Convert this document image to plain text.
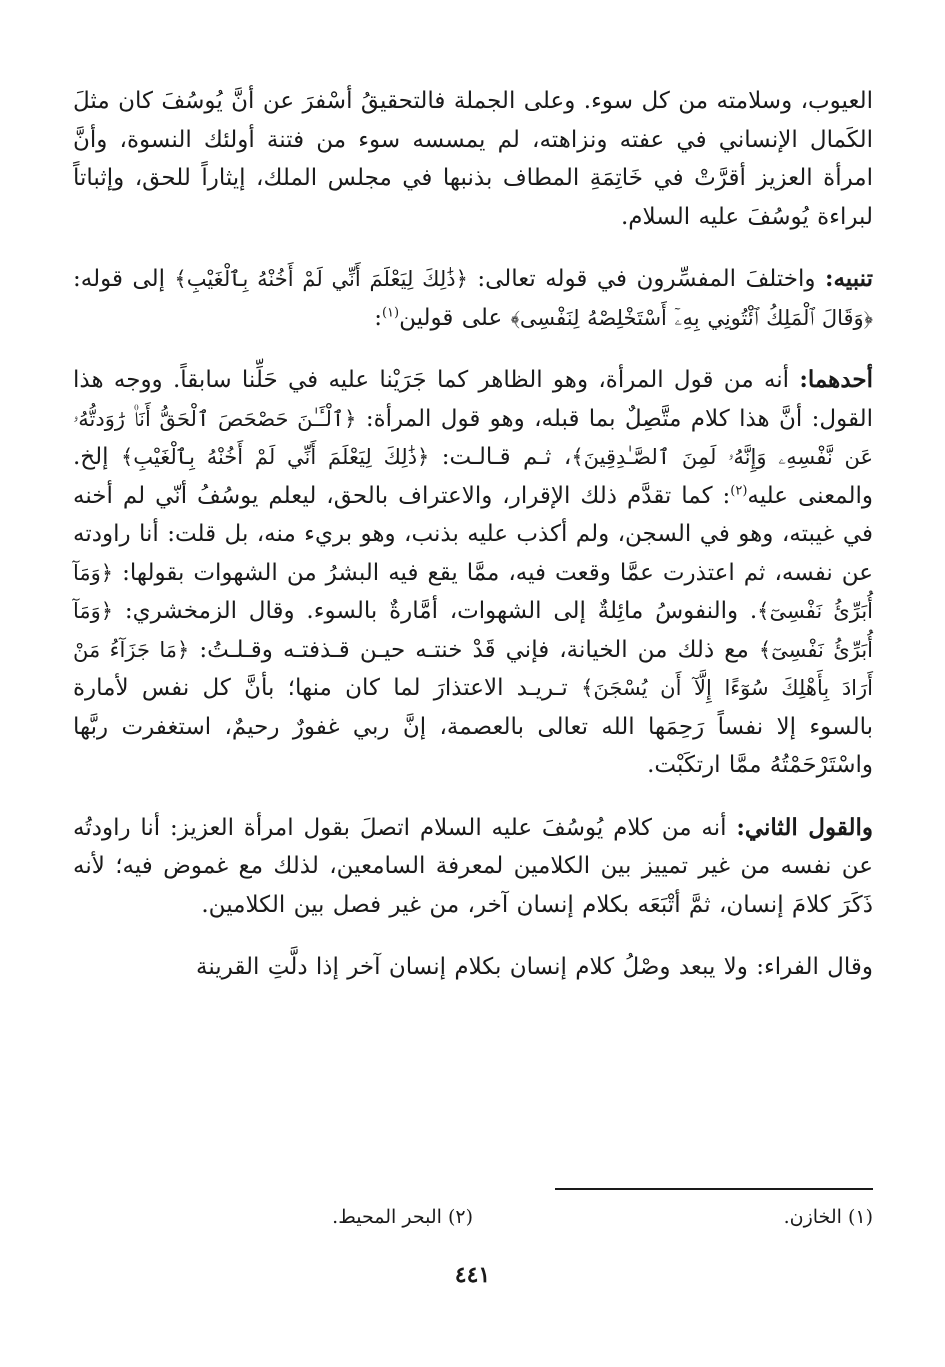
العيوب، وسلامته من كل سوء. وعلى الجملة فالتحقيقُ أسْفرَ عن أنَّ يُوسُفَ كان مثلَ الكَمال الإنساني في عفته ونزاهته، لم يمسسه سوء من فتنة أولئك النسوة، وأنَّ امرأة العزيز أقرَّتْ في خَاتِمَةِ المطاف بذنبها في مجلس الملك، إيثاراً للحق، وإثباتاً لبراءة يُوسُفَ عليه السلام.

تنبيه: واختلفَ المفسِّرون في قوله تعالى: ﴿ذَٰلِكَ لِيَعْلَمَ أَنِّي لَمْ أَخُنْهُ بِٱلْغَيْبِ﴾ إلى قوله: ﴿وَقَالَ ٱلْمَلِكُ ٱئْتُونِي بِهِۦٓ أَسْتَخْلِصْهُ لِنَفْسِى﴾ على قولين$^{(١)}$:

أحدهما: أنه من قول المرأة، وهو الظاهر كما جَرَيْنا عليه في حَلِّنا سابقاً. ووجه هذا القول: أنَّ هذا كلام متَّصِلٌ بما قبله، وهو قول المرأة: ﴿ٱلْـَٔـٰنَ حَصْحَصَ ٱلْحَقُّ أَنَا۠ رَٰوَدتُّهُۥ عَن نَّفْسِهِۦ وَإِنَّهُۥ لَمِنَ ٱلصَّـٰدِقِينَ﴾، ثـم قـالـت: ﴿ذَٰلِكَ لِيَعْلَمَ أَنِّي لَمْ أَخُنْهُ بِٱلْغَيْبِ﴾ إلخ. والمعنى عليه$^{(٢)}$: كما تقدَّم ذلك الإقرار، والاعتراف بالحق، ليعلم يوسُفُ أنّي لم أخنه في غيبته، وهو في السجن، ولم أكذب عليه بذنب، وهو بريء منه، بل قلت: أنا راودته عن نفسه، ثم اعتذرت عمَّا وقعت فيه، ممَّا يقع فيه البشرُ من الشهوات بقولها: ﴿وَمَآ أُبَرِّئُ نَفْسِىٓ﴾. والنفوسُ مائِلةٌ إلى الشهوات، أمَّارةٌ بالسوء. وقال الزمخشري: ﴿وَمَآ أُبَرِّئُ نَفْسِىٓ﴾ مع ذلك من الخيانة، فإني قَدْ خنتـه حيـن قـذفتـه وقـلـتُ: ﴿مَا جَزَآءُ مَنْ أَرَادَ بِأَهْلِكَ سُوٓءًا إِلَّآ أَن يُسْجَنَ﴾ تـريـد الاعتذارَ لما كان منها؛ بأنَّ كل نفس لأمارة بالسوء إلا نفساً رَحِمَها الله تعالى بالعصمة، إنَّ ربي غفورٌ رحيمٌ، استغفرت ربَّها واسْتَرْحَمْتُهُ ممَّا ارتكَبْت.

والقول الثاني: أنه من كلام يُوسُفَ عليه السلام اتصلَ بقول امرأة العزيز: أنا راودتُه عن نفسه من غير تمييز بين الكلامين لمعرفة السامعين، لذلك مع غموض فيه؛ لأنه ذَكَرَ كلامَ إنسان، ثمَّ أتْبَعَه بكلام إنسان آخر، من غير فصل بين الكلامين.

وقال الفراء: ولا يبعد وصْلُ كلام إنسان بكلام إنسان آخر إذا دلَّتِ القرينة

(١) الخازن.
(٢) البحر المحيط.
٤٤١
